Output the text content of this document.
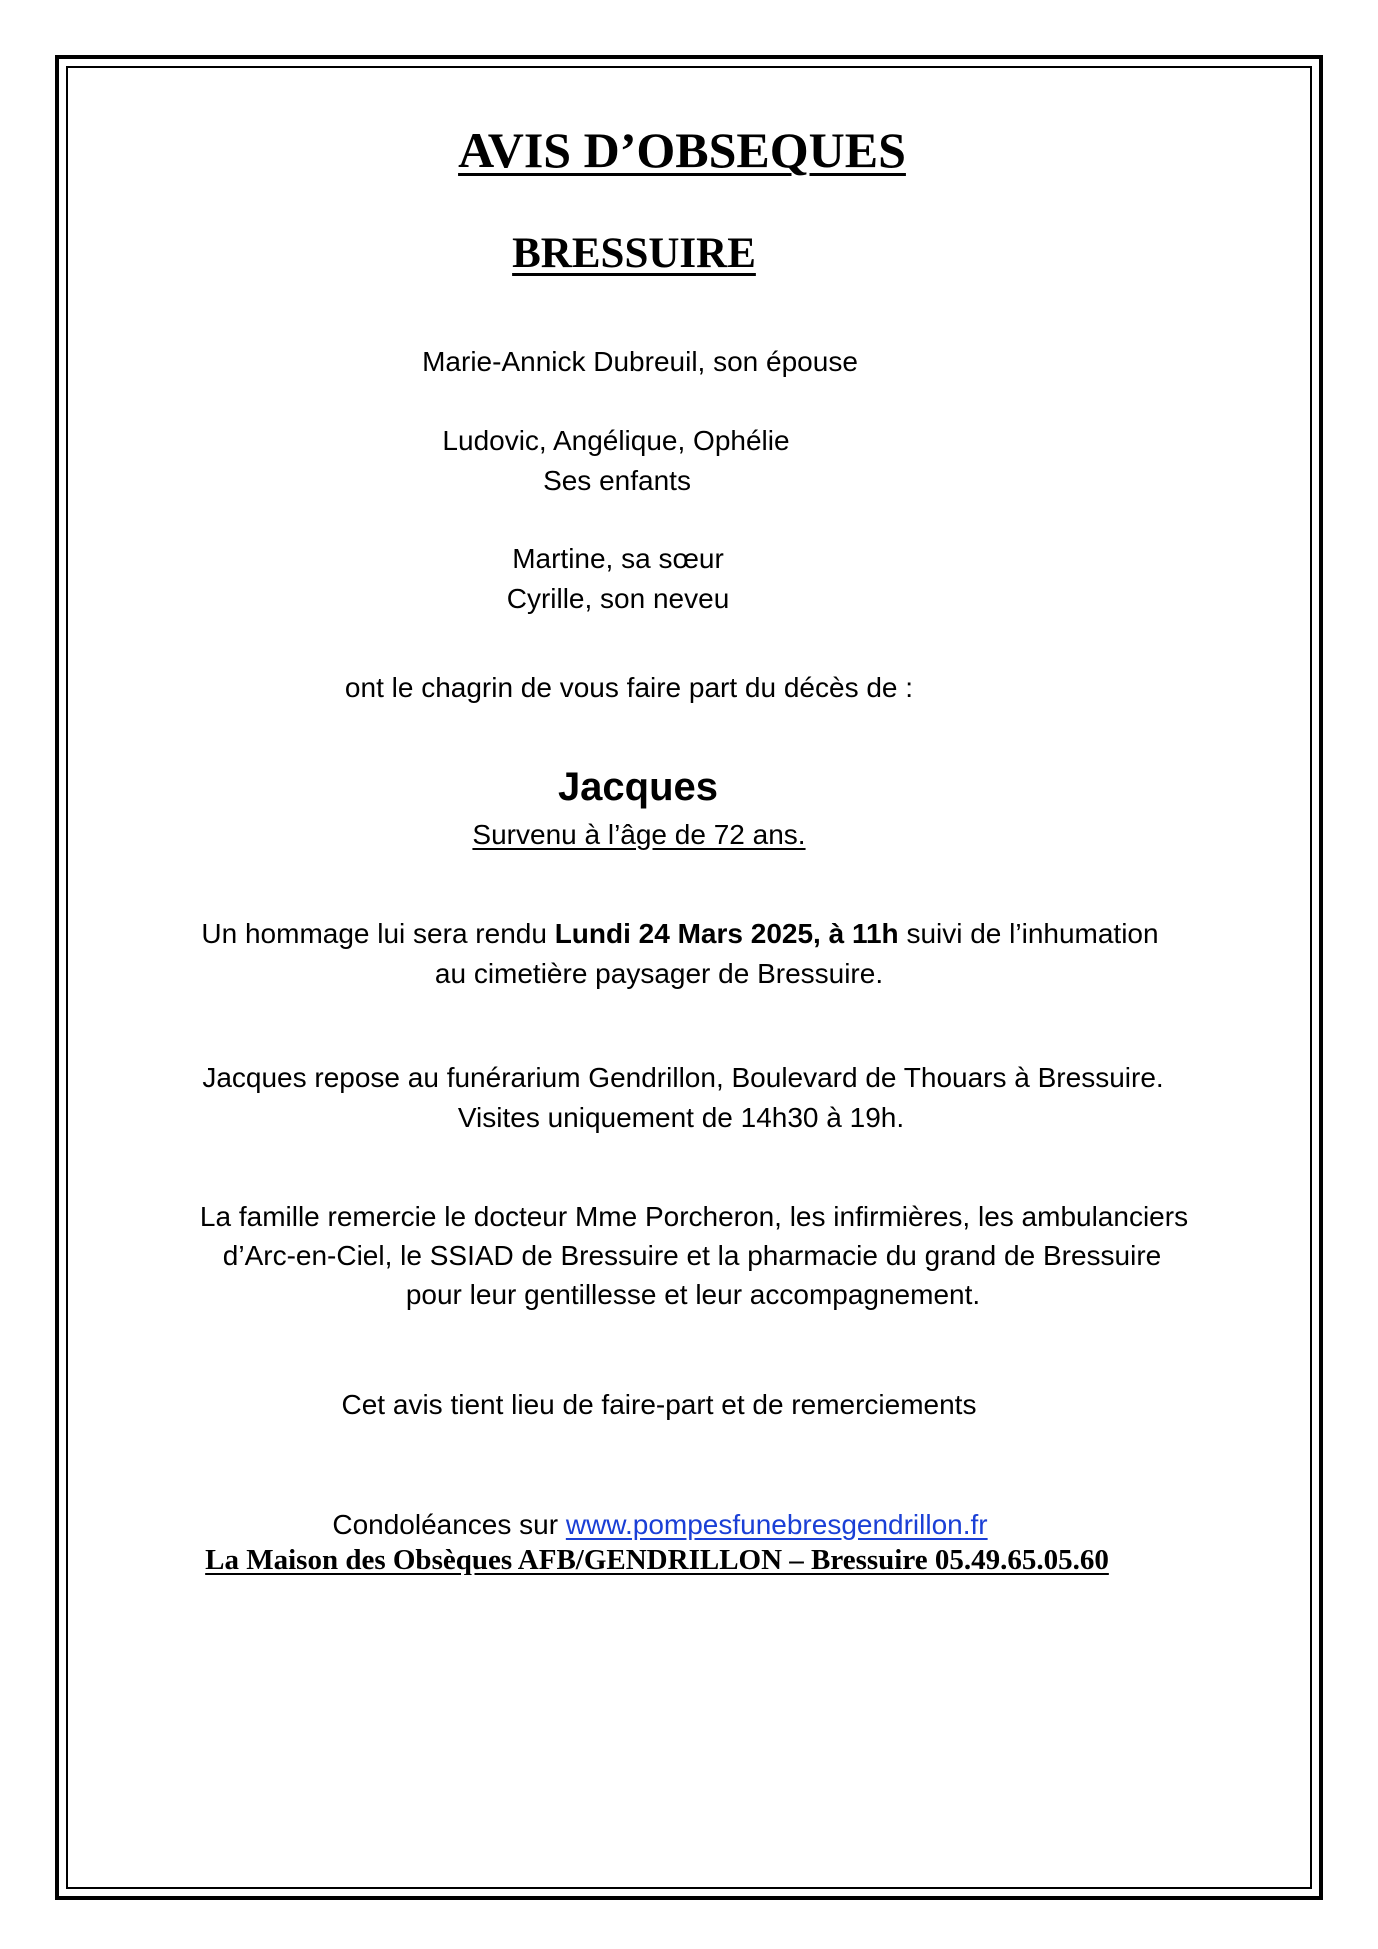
AVIS D’OBSEQUES
BRESSUIRE
Marie-Annick Dubreuil, son épouse
Ludovic, Angélique, Ophélie
Ses enfants
Martine, sa sœur
Cyrille, son neveu
ont le chagrin de vous faire part du décès de :
Jacques
Survenu à l’âge de 72 ans.
Un hommage lui sera rendu Lundi 24 Mars 2025, à 11h suivi de l’inhumation
au cimetière paysager de Bressuire.
Jacques repose au funérarium Gendrillon, Boulevard de Thouars à Bressuire.
Visites uniquement de 14h30 à 19h.
La famille remercie le docteur Mme Porcheron, les infirmières, les ambulanciers
d’Arc-en-Ciel, le SSIAD de Bressuire et la pharmacie du grand de Bressuire
pour leur gentillesse et leur accompagnement.
Cet avis tient lieu de faire-part et de remerciements
Condoléances sur www.pompesfunebresgendrillon.fr
La Maison des Obsèques AFB/GENDRILLON – Bressuire 05.49.65.05.60
